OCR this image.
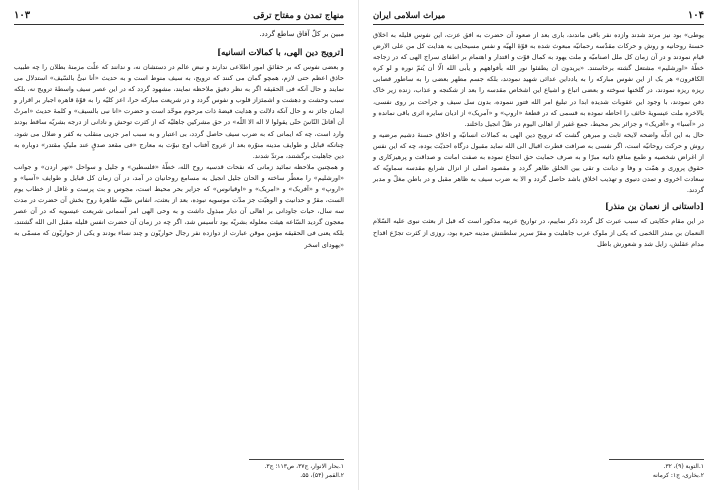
منهاج تمدن و مفتاح ترقی
۱۰۳

مبین بر کلّ آفاق ساطع گردد.

[ترویج دین الهی، با کمالات انسانیه]

و بعضی نفوس که بر حقائق امور اطلاعی ندارند و نبض عالم در دستشان نه، و ندانند که علّت مزمنهٔ بطلان را چه طبیب حاذق اعظم حتی لازم، همچو گمان می کنند که ترویج، به سیف منوط است و به حدیث «أنا نبیُّ بالسّیف» استدلال می نمایند و حال آنکه فی الحقیقه اگر به نظر دقیق ملاحظه نمایند، مشهود گردد که در این عصر سیف واسطهٔ ترویج نه، بلکه سبب وحشت و دهشت و اشمئزاز قلوب و نفوس گردد و در شریعت مبارکه حرا، اعز کلیّه را به قوّهٔ قاهره اجبار بر اقرار و ایمان جائز نه و حال آنکه دلالت و هدایت فیضهٔ ذات مرحوم موحّد است و حضرت «انا نبی بالسیف» و کلمهٔ حدیث «امرتُ أن أقاتلَ النّاسَ حتّی یقولوا لا اله الا اللّه» در حق مشرکین جاهلیّه که از کثرت توحش و نادانی از درجه بشریّه ساقط بودند وارد است، چه که ایمانی که به ضرب سیف حاصل گردد، بی اعتبار و به سبب امر جزیی منقلب به کفر و ضلال می شود، چنانکه قبایل و طوایف مدینه منوّره بعد از عروج آفتاب اوج نبوّت به معارج «فی مقعد صدقٍ عند ملیکٍ مقتدر» دوباره به دین جاهلیت برگشتند، مرتدّ شدند.

و همچنین ملاحظه نمائید زمانی که نفحات قدسیه روح الله، خطّهٔ «فلسطین» و جلیل و سواحل «نهر اردن» و جوانب «اورشلیم» را معطّر ساخته و الحان جلیل انجیل به مسامع روحانیان در آمد، در آن زمان کل قبایل و طوایف «آسیا» و «اروپ» و «آفریک» و «امریک» و «اوقیانوس» که جزایر بحر محیط است، مجوس و بت پرست و غافل از خطاب یوم الست، مقرّ و حدانیت و الوهیّت جز مدّت موسویه نبوده، بعد از بعثت، انفاس طیّبه طاهرهٔ روح بخش آن حضرت در مدت سه سال، حیات جاودانی بر اهالی آن دیار مبذول داشت و به وحی الهی امر آسمانی شریعت عیسویه که در آن عصر معجون گردید السّاعه هیئت معلوله بشریّه بود تأسیس شد، اگر چه در زمان آن حضرت انفس قلیله مقبل الی الله گشتند، بلکه یعنی فی الحقیقه مؤمن موقن عبارت از دوازده نفر رجال حواریّون و چند نساء بودند و یکی از حواریّون که مسمّی به «یهودای اسخر

۱.بحار الانوار، ج۳۷، ص۱۱۳؛ ج۳.

۲.القمر (۵۴)، ۵۵.

۱۰۴
میراث اسلامی ایران

یوطی» بود نیز مرتد شدند وازده نفر باقی ماندند، باری بعد از صعود آن حضرت به افق عزت، این نفوس قلیله به اخلاق حسنهٔ روحانیه و روش و حرکات مقدّسه رحمانیّه مبعوث شده به قوّهٔ الهیّه و نفس مسیحایی به هدایت کل من علی الارض قیام نمودند و در آن زمان کل ملل اصنامیّه و ملت یهود به کمال قوّت و اقتدار و اهتمام بر اطفای سراج الهی که در زجاجه خطّهٔ «اورشلیم» مشتعل گشته برخاستند. «یریدون أن یطفئوا نور الله بأفواههم و یأبی الله الّا أن یُتمّ نوره و لو کره الکافرون» هر یک از این نفوس مبارکه را به یادداین عدائی شهید نمودند، بلکه جسم مطهر بعضی را به ساطور قصابی ریزه ریزه نمودند، در گلخنها سوخته و بعضی اتباع و اشیاع این اشخاص مقدسه را بعد از شکنجه و عذاب، زنده زیر خاک دفن نمودند، با وجود این عقوبات شدیده ابدا در تبلیغ امر الله فتور ننموده، بدون سل سیف و جراحت بر روی نفسی، بالاخره ملت عیسویهٔ خائف را احاطه نموده به قسمی که در قطعهٔ «اروپ» و «آمریک» از ادیان سایره اثری باقی نمانده و در «آسیا» و «آفریک» و جزائر بحر محیط، جمع غفیر از اهالی الیوم در ظلّ انجیل داخلند.

حال به این ادلّه واضحه لایحه ثابت و مبرهن گشت که ترویج دین الهی به کمالات انسانیّه و اخلاق حسنهٔ دشیم مرضیه و روش و حرکت روحانیّه است، اگر نفسی به صرافت فطرت اقبال الی الله نماید مقبول درگاه احدیّت بوده، چه که این نفس از اغراض شخصیه و طمع منافع ذاتیه مبرّا و به صرف حمایت حق انتجاع نموده به صفت امانت و صداقت و پرهیزکاری و حقوق پروری و همّت و وفا و دیانت و تقی بین الخلق ظاهر گردد و مقصود اصلی از انزال شرایع مقدسه سماویّه که سعادت اخروی و تمدن دنیوی و تهذیب اخلاق باشد حاصل گردد و الا به ضرب سیف به ظاهر مقبل و در باطن مغلّ و مدبر گردند.

[داستانی از نعمان بن منذر]

در این مقام حکایتی که سبب عبرت کل گردد ذکر نماییم، در تواریخ عربیه مذکور است که قبل از بعثت نبوی علیه السّلام النعمان بن منذر اللخمی که یکی از ملوک عرب جاهلیت و مقرّ سریر سلطنتش مدینه حیره بود، روزی از کثرت تجرّع اقداح مدام عقلش، زایل شد و شعورش باطل

۱.التوبة (۹)، ۳۲.

۲.بخاری، ج۱: کرمانه
